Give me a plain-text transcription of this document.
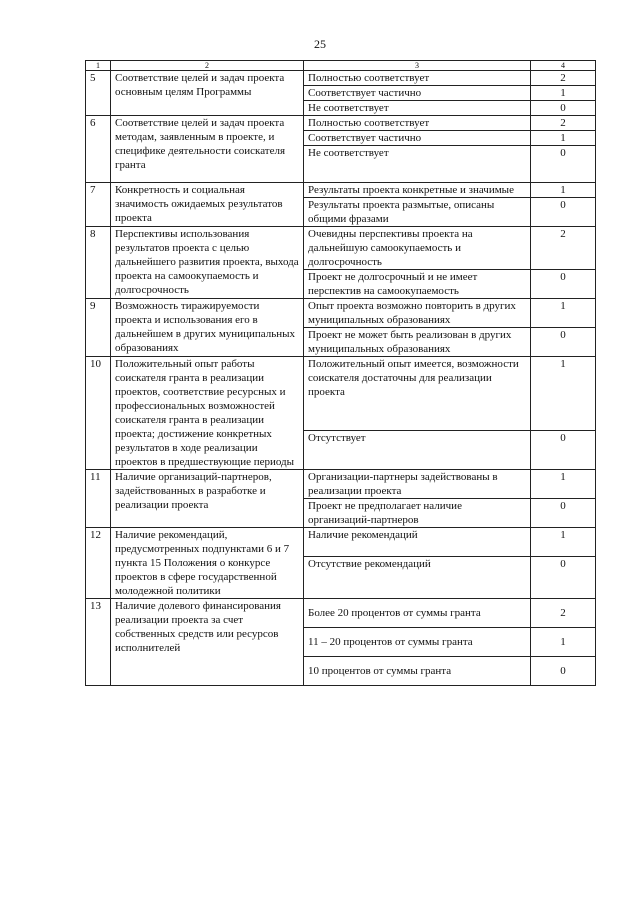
25
1	2	3	4
5	Соответствие целей и задач проекта основным целям Программы	Полностью соответствует	2
		Соответствует частично	1
		Не соответствует	0
6	Соответствие целей и задач проекта методам, заявленным в проекте, и специфике деятельности соискателя гранта	Полностью соответствует	2
		Соответствует частично	1
		Не соответствует	0
7	Конкретность и социальная значимость ожидаемых результатов проекта	Результаты проекта конкретные и значимые	1
		Результаты проекта размытые, описаны общими фразами	0
8	Перспективы использования результатов проекта с целью дальнейшего развития проекта, выхода проекта на самоокупаемость и долгосрочность	Очевидны перспективы проекта на дальнейшую самоокупаемость и долгосрочность	2
		Проект не долгосрочный и не имеет перспектив на самоокупаемость	0
9	Возможность тиражируемости проекта и использования его в дальнейшем в других муниципальных образованиях	Опыт проекта возможно повторить в других муниципальных образованиях	1
		Проект не может быть реализован в других муниципальных образованиях	0
10	Положительный опыт работы соискателя гранта в реализации проектов, соответствие ресурсных и профессиональных возможностей соискателя гранта в реализации проекта; достижение конкретных результатов в ходе реализации проектов в предшествующие периоды	Положительный опыт имеется, возможности соискателя достаточны для реализации проекта	1
		Отсутствует	0
11	Наличие организаций-партнеров, задействованных в разработке и реализации проекта	Организации-партнеры задействованы в реализации проекта	1
		Проект не предполагает наличие организаций-партнеров	0
12	Наличие рекомендаций, предусмотренных подпунктами 6 и 7 пункта 15 Положения о конкурсе проектов в сфере государственной молодежной политики	Наличие рекомендаций	1
		Отсутствие рекомендаций	0
13	Наличие долевого финансирования реализации проекта за счет собственных средств или ресурсов исполнителей	Более 20 процентов от суммы гранта	2
		11 – 20 процентов от суммы гранта	1
		10 процентов от суммы гранта	0
